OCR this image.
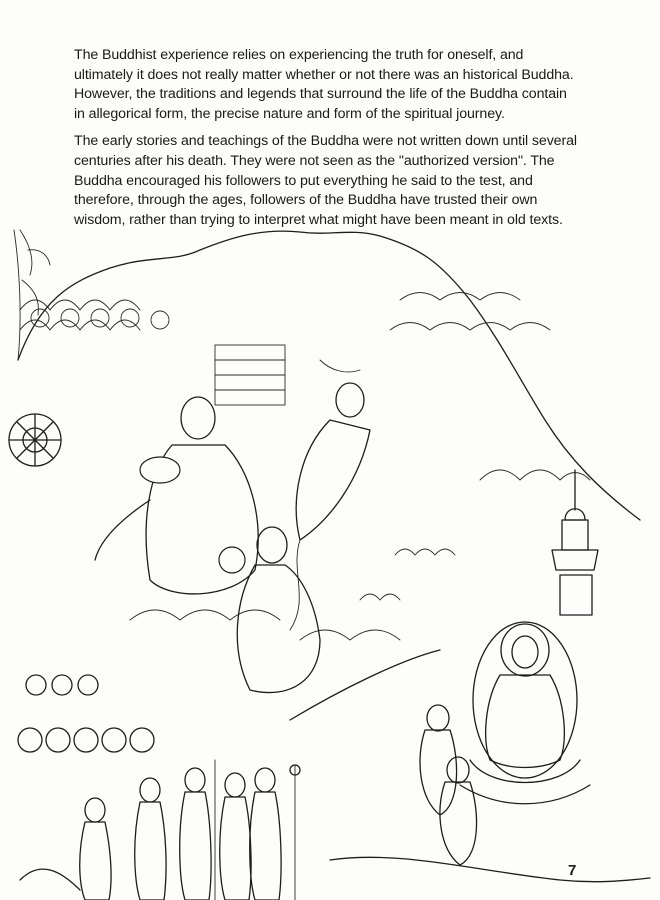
The Buddhist experience relies on experiencing the truth for oneself, and ultimately it does not really matter whether or not there was an historical Buddha. However, the traditions and legends that surround the life of the Buddha contain in allegorical form, the precise nature and form of the spiritual journey.

The early stories and teachings of the Buddha were not written down until several centuries after his death. They were not seen as the "authorized version". The Buddha encouraged his followers to put everything he said to the test, and therefore, through the ages, followers of the Buddha have trusted their own wisdom, rather than trying to interpret what might have been meant in old texts.

7
